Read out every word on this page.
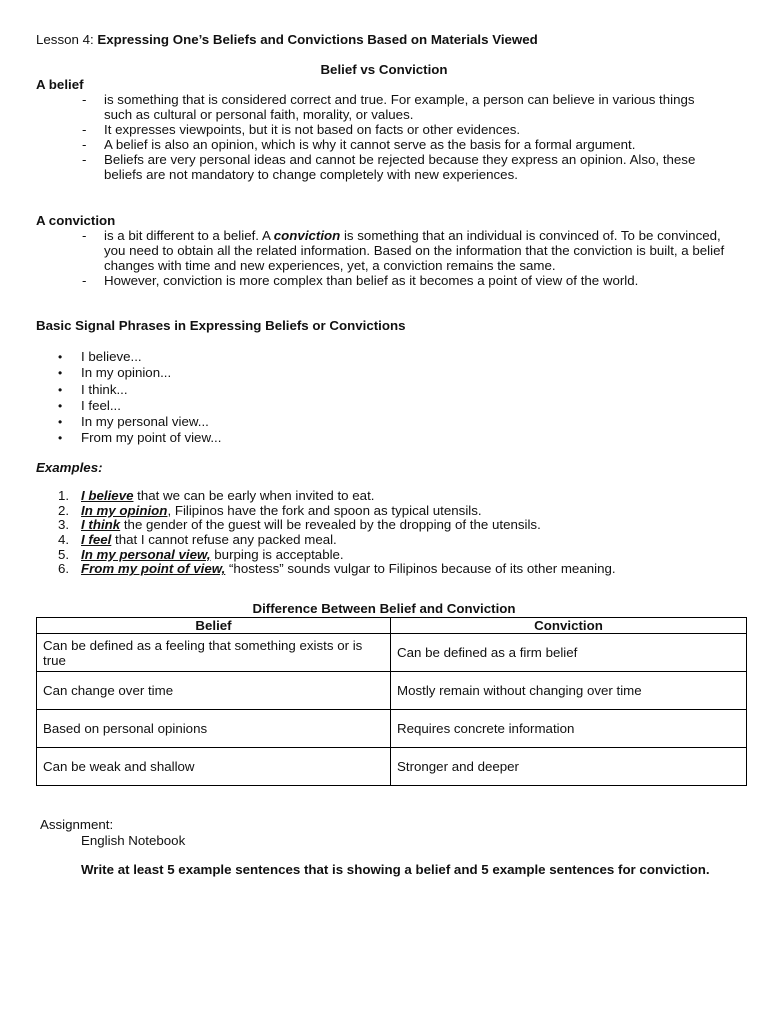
Lesson 4: Expressing One’s Beliefs and Convictions Based on Materials Viewed
Belief vs Conviction
A belief
- is something that is considered correct and true. For example, a person can believe in various things such as cultural or personal faith, morality, or values.
- It expresses viewpoints, but it is not based on facts or other evidences.
- A belief is also an opinion, which is why it cannot serve as the basis for a formal argument.
- Beliefs are very personal ideas and cannot be rejected because they express an opinion. Also, these beliefs are not mandatory to change completely with new experiences.
A conviction
- is a bit different to a belief. A conviction is something that an individual is convinced of. To be convinced, you need to obtain all the related information. Based on the information that the conviction is built, a belief changes with time and new experiences, yet, a conviction remains the same.
- However, conviction is more complex than belief as it becomes a point of view of the world.
Basic Signal Phrases in Expressing Beliefs or Convictions
• I believe...
• In my opinion...
• I think...
• I feel...
• In my personal view...
• From my point of view...
Examples:
1. I believe that we can be early when invited to eat.
2. In my opinion, Filipinos have the fork and spoon as typical utensils.
3. I think the gender of the guest will be revealed by the dropping of the utensils.
4. I feel that I cannot refuse any packed meal.
5. In my personal view, burping is acceptable.
6. From my point of view, “hostess” sounds vulgar to Filipinos because of its other meaning.
Difference Between Belief and Conviction
Belief	Conviction
Can be defined as a feeling that something exists or is true	Can be defined as a firm belief
Can change over time	Mostly remain without changing over time
Based on personal opinions	Requires concrete information
Can be weak and shallow	Stronger and deeper
Assignment:
English Notebook
Write at least 5 example sentences that is showing a belief and 5 example sentences for conviction.
